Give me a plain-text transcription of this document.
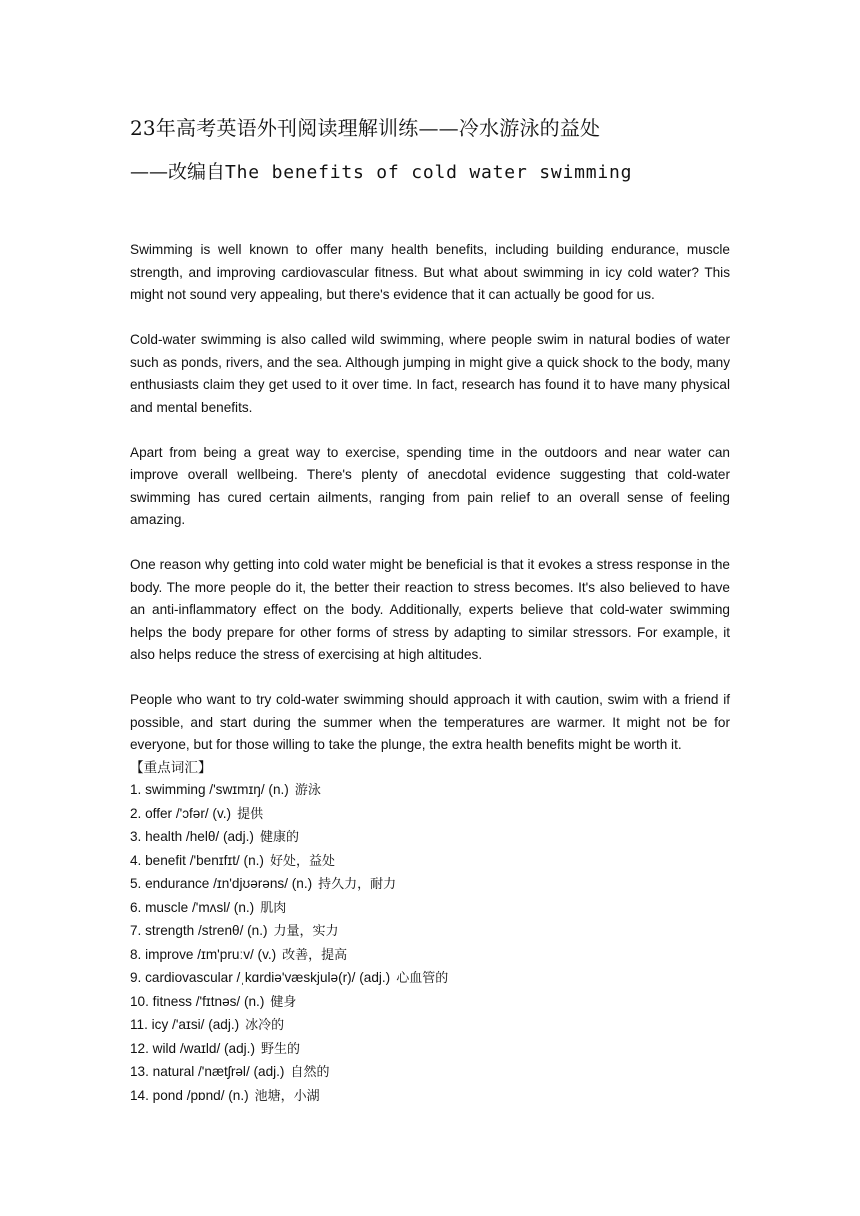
23年高考英语外刊阅读理解训练——冷水游泳的益处
——改编自The benefits of cold water swimming

Swimming is well known to offer many health benefits, including building endurance, muscle strength, and improving cardiovascular fitness. But what about swimming in icy cold water? This might not sound very appealing, but there's evidence that it can actually be good for us.

Cold-water swimming is also called wild swimming, where people swim in natural bodies of water such as ponds, rivers, and the sea. Although jumping in might give a quick shock to the body, many enthusiasts claim they get used to it over time. In fact, research has found it to have many physical and mental benefits.

Apart from being a great way to exercise, spending time in the outdoors and near water can improve overall wellbeing. There's plenty of anecdotal evidence suggesting that cold-water swimming has cured certain ailments, ranging from pain relief to an overall sense of feeling amazing.

One reason why getting into cold water might be beneficial is that it evokes a stress response in the body. The more people do it, the better their reaction to stress becomes. It's also believed to have an anti-inflammatory effect on the body. Additionally, experts believe that cold-water swimming helps the body prepare for other forms of stress by adapting to similar stressors. For example, it also helps reduce the stress of exercising at high altitudes.

People who want to try cold-water swimming should approach it with caution, swim with a friend if possible, and start during the summer when the temperatures are warmer. It might not be for everyone, but for those willing to take the plunge, the extra health benefits might be worth it.

【重点词汇】
1. swimming /'swɪmɪŋ/ (n.) 游泳
2. offer /'ɔfər/ (v.) 提供
3. health /helθ/ (adj.) 健康的
4. benefit /'benɪfɪt/ (n.) 好处，益处
5. endurance /ɪn'djʊərəns/ (n.) 持久力，耐力
6. muscle /'mʌsl/ (n.) 肌肉
7. strength /strenθ/ (n.) 力量，实力
8. improve /ɪm'pruːv/ (v.) 改善，提高
9. cardiovascular /ˌkɑrdiə'væskjulə(r)/ (adj.) 心血管的
10. fitness /'fɪtnəs/ (n.) 健身
11. icy /'aɪsi/ (adj.) 冰冷的
12. wild /waɪld/ (adj.) 野生的
13. natural /'nætʃrəl/ (adj.) 自然的
14. pond /pɒnd/ (n.) 池塘，小湖
